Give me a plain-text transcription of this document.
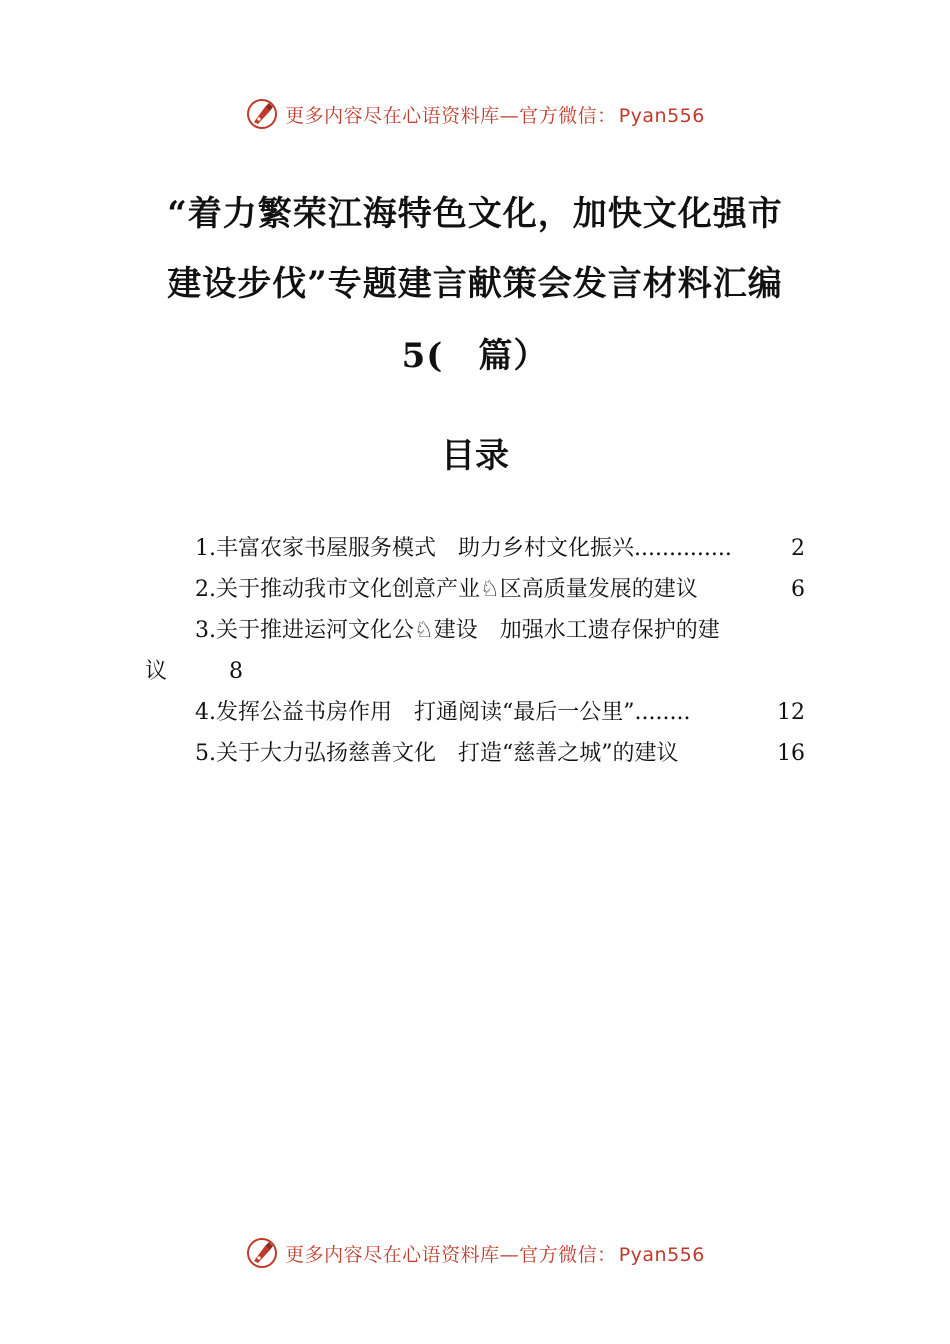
更多内容尽在心语资料库 — 官方微信： Pyan556
“着力繁荣江海特色文化，加快文化强市
建设步伐”专题建言献策会发言材料汇编
5(　篇）
目录
1.丰富农家书屋服务模式　助力乡村文化振兴..............	2
2.关于推动我市文化创意产业♘区高质量发展的建议	6
3.关于推进运河文化公♘建设　加强水工遗存保护的建
议	8
4.发挥公益书房作用　打通阅读“最后一公里”........	12
5.关于大力弘扬慈善文化　打造“慈善之城”的建议	16
更多内容尽在心语资料库 — 官方微信： Pyan556
